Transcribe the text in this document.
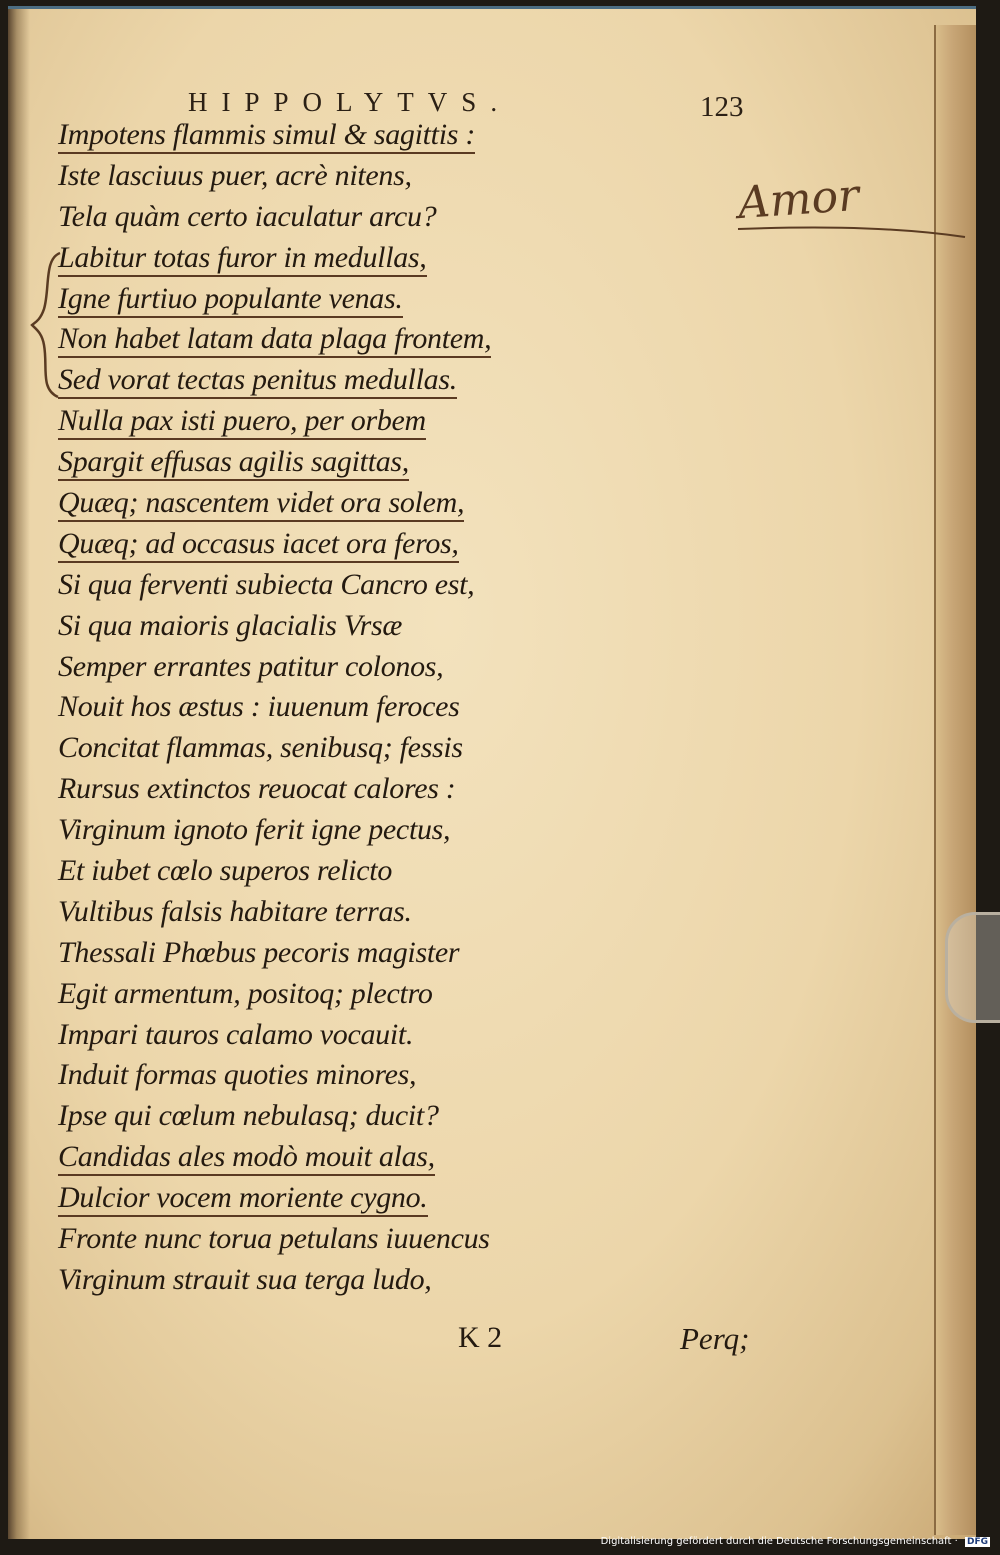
HIPPOLYTVS.	123
Impotens flammis simul & sagittis :
Iste lasciuus puer, acrè nitens,
Tela quàm certo iaculatur arcu?
Labitur totas furor in medullas,
Igne furtiuo populante venas.
Non habet latam data plaga frontem,
Sed vorat tectas penitus medullas.
Nulla pax isti puero, per orbem
Spargit effusas agilis sagittas,
Quæq; nascentem videt ora solem,
Quæq; ad occasus iacet ora feros,
Si qua ferventi subiecta Cancro est,
Si qua maioris glacialis Vrsæ
Semper errantes patitur colonos,
Nouit hos æstus : iuuenum feroces
Concitat flammas, senibusq; fessis
Rursus extinctos reuocat calores :
Virginum ignoto ferit igne pectus,
Et iubet cœlo superos relicto
Vultibus falsis habitare terras.
Thessali Phœbus pecoris magister
Egit armentum, positoq; plectro
Impari tauros calamo vocauit.
Induit formas quoties minores,
Ipse qui cœlum nebulasq; ducit?
Candidas ales modò mouit alas,
Dulcior vocem moriente cygno.
Fronte nunc torua petulans iuuencus
Virginum strauit sua terga ludo,
Amor
K 2	Perq;
Digitalisierung gefördert durch die Deutsche Forschungsgemeinschaft · DFG
